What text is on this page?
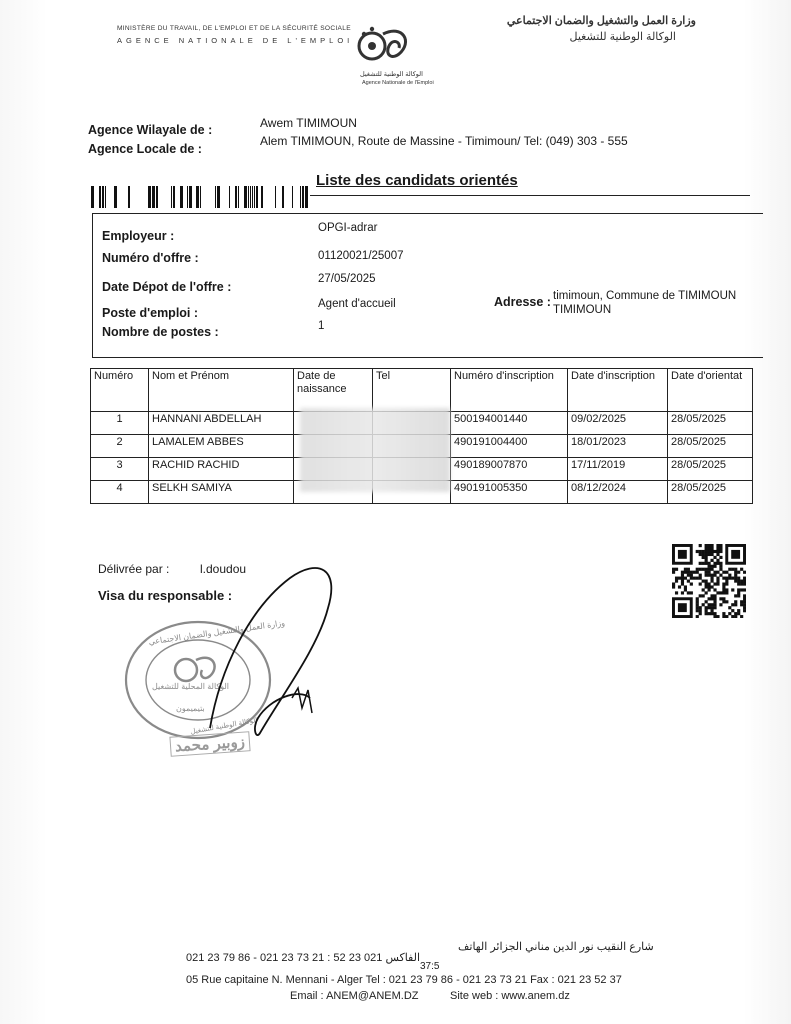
MINISTÈRE DU TRAVAIL, DE L'EMPLOI ET DE LA SÉCURITÉ SOCIALE
AGENCE NATIONALE DE L'EMPLOI
الوكالة الوطنية للتشغيل
Agence Nationale de l'Emploi
وزارة العمل والتشغيل والضمان الاجتماعي
الوكالة الوطنية للتشغيل
Agence Wilayale de :
Agence Locale de :
Awem TIMIMOUN
Alem TIMIMOUN, Route de Massine - Timimoun/ Tel: (049) 303 - 555
Liste des candidats orientés
Employeur :
OPGI-adrar
Numéro d'offre :	01120021/25007
Date Dépot de l'offre :
27/05/2025
Poste d'emploi :
Agent d'accueil	Adresse : timimoun, Commune de TIMIMOUN
TIMIMOUN
Nombre de postes :	1
Numéro	Nom et Prénom	Date de naissance	Tel	Numéro d'inscription	Date d'inscription	Date d'orientat
1	HANNANI ABDELLAH			500194001440	09/02/2025	28/05/2025
2	LAMALEM ABBES			490191004400	18/01/2023	28/05/2025
3	RACHID RACHID			490189007870	17/11/2019	28/05/2025
4	SELKH SAMIYA			490191005350	08/12/2024	28/05/2025
Délivrée par :	l.doudou
Visa du responsable :
وزارة العمل والتشغيل والضمان الاجتماعي
الوكالة المحلية للتشغيل
بتيميمون
الوكالة الوطنية للتشغيل
زوبير محمد
شارع النقيب نور الدين مناني الجزائر الهاتف
021 23 79 86 - 021 23 73 21 : الفاكس 021 23 52
37:5
05 Rue capitaine N. Mennani - Alger Tel : 021 23 79 86 - 021 23 73 21 Fax : 021 23 52 37
Email : ANEM@ANEM.DZ	Site web : www.anem.dz
